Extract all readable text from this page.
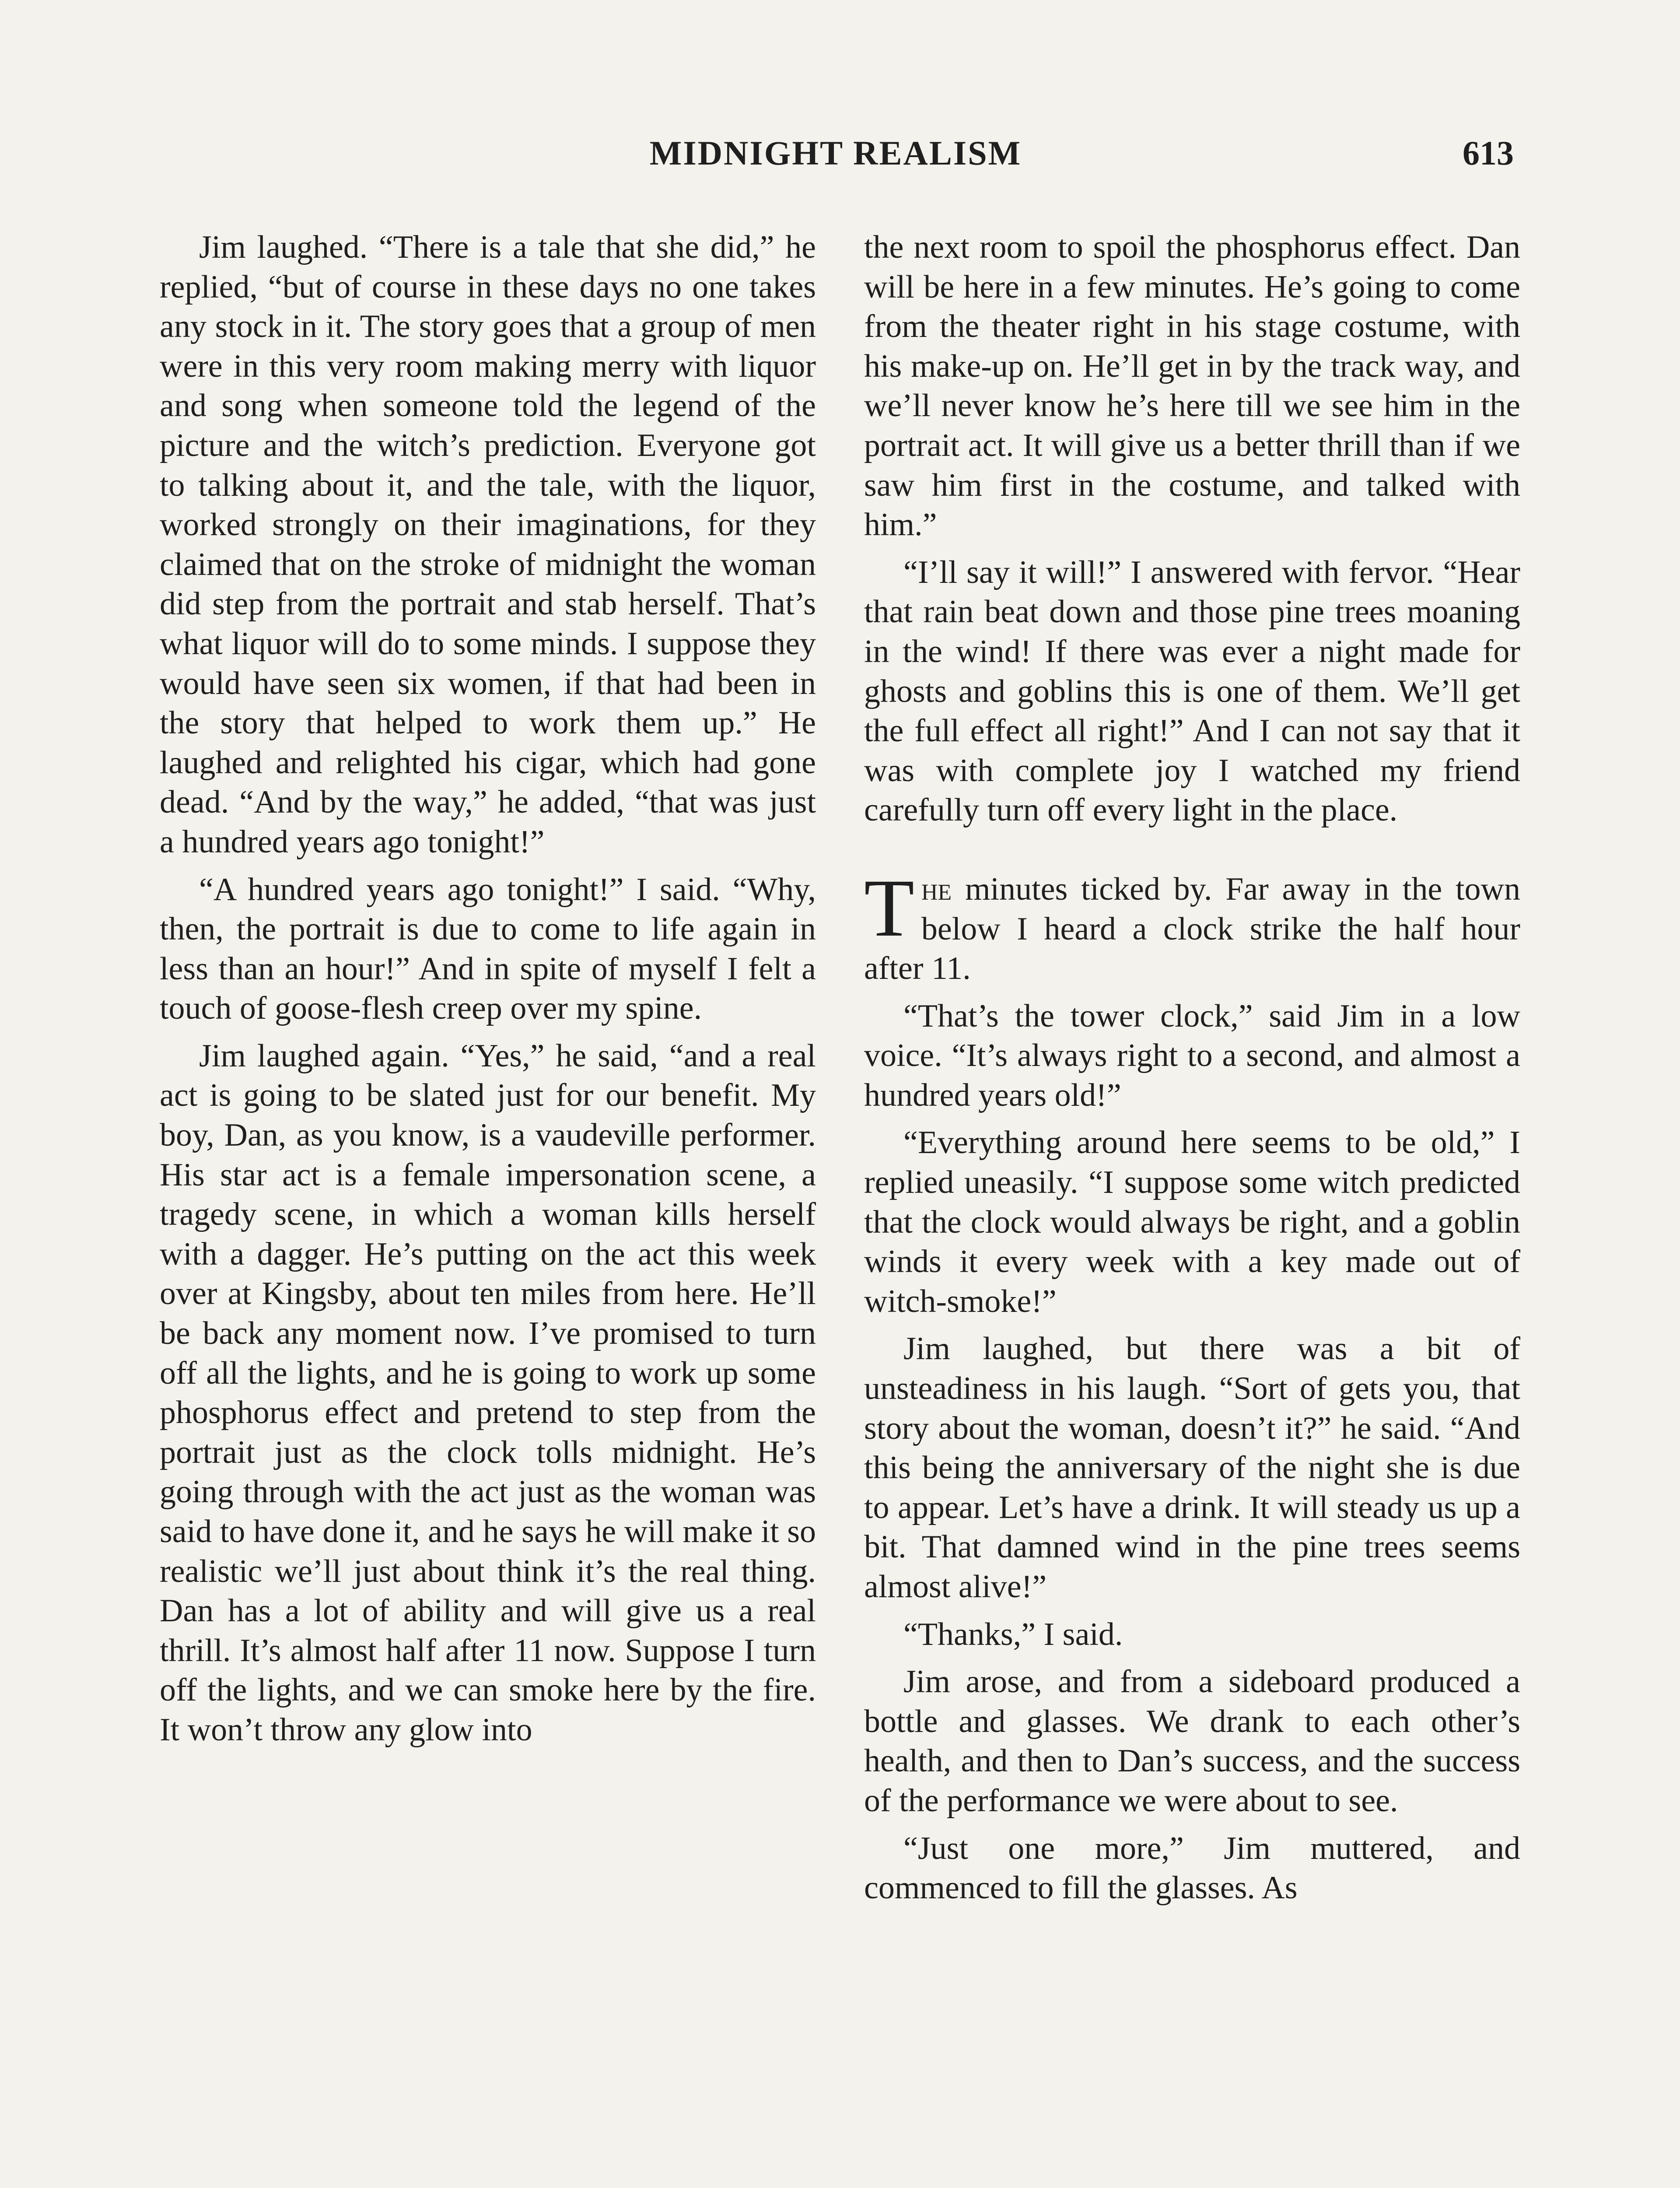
MIDNIGHT REALISM	613

Jim laughed. “There is a tale that she did,” he replied, “but of course in these days no one takes any stock in it. The story goes that a group of men were in this very room making merry with liquor and song when someone told the legend of the picture and the witch’s prediction. Everyone got to talking about it, and the tale, with the liquor, worked strongly on their imaginations, for they claimed that on the stroke of midnight the woman did step from the portrait and stab herself. That’s what liquor will do to some minds. I suppose they would have seen six women, if that had been in the story that helped to work them up.” He laughed and relighted his cigar, which had gone dead. “And by the way,” he added, “that was just a hundred years ago tonight!”

“A hundred years ago tonight!” I said. “Why, then, the portrait is due to come to life again in less than an hour!” And in spite of myself I felt a touch of goose-flesh creep over my spine.

Jim laughed again. “Yes,” he said, “and a real act is going to be slated just for our benefit. My boy, Dan, as you know, is a vaudeville performer. His star act is a female impersonation scene, a tragedy scene, in which a woman kills herself with a dagger. He’s putting on the act this week over at Kingsby, about ten miles from here. He’ll be back any moment now. I’ve promised to turn off all the lights, and he is going to work up some phosphorus effect and pretend to step from the portrait just as the clock tolls midnight. He’s going through with the act just as the woman was said to have done it, and he says he will make it so realistic we’ll just about think it’s the real thing. Dan has a lot of ability and will give us a real thrill. It’s almost half after 11 now. Suppose I turn off the lights, and we can smoke here by the fire. It won’t throw any glow into

the next room to spoil the phosphorus effect. Dan will be here in a few minutes. He’s going to come from the theater right in his stage costume, with his make-up on. He’ll get in by the track way, and we’ll never know he’s here till we see him in the portrait act. It will give us a better thrill than if we saw him first in the costume, and talked with him.”

“I’ll say it will!” I answered with fervor. “Hear that rain beat down and those pine trees moaning in the wind! If there was ever a night made for ghosts and goblins this is one of them. We’ll get the full effect all right!” And I can not say that it was with complete joy I watched my friend carefully turn off every light in the place.

The minutes ticked by. Far away in the town below I heard a clock strike the half hour after 11.

“That’s the tower clock,” said Jim in a low voice. “It’s always right to a second, and almost a hundred years old!”

“Everything around here seems to be old,” I replied uneasily. “I suppose some witch predicted that the clock would always be right, and a goblin winds it every week with a key made out of witch-smoke!”

Jim laughed, but there was a bit of unsteadiness in his laugh. “Sort of gets you, that story about the woman, doesn’t it?” he said. “And this being the anniversary of the night she is due to appear. Let’s have a drink. It will steady us up a bit. That damned wind in the pine trees seems almost alive!”

“Thanks,” I said.

Jim arose, and from a sideboard produced a bottle and glasses. We drank to each other’s health, and then to Dan’s success, and the success of the performance we were about to see.

“Just one more,” Jim muttered, and commenced to fill the glasses. As
